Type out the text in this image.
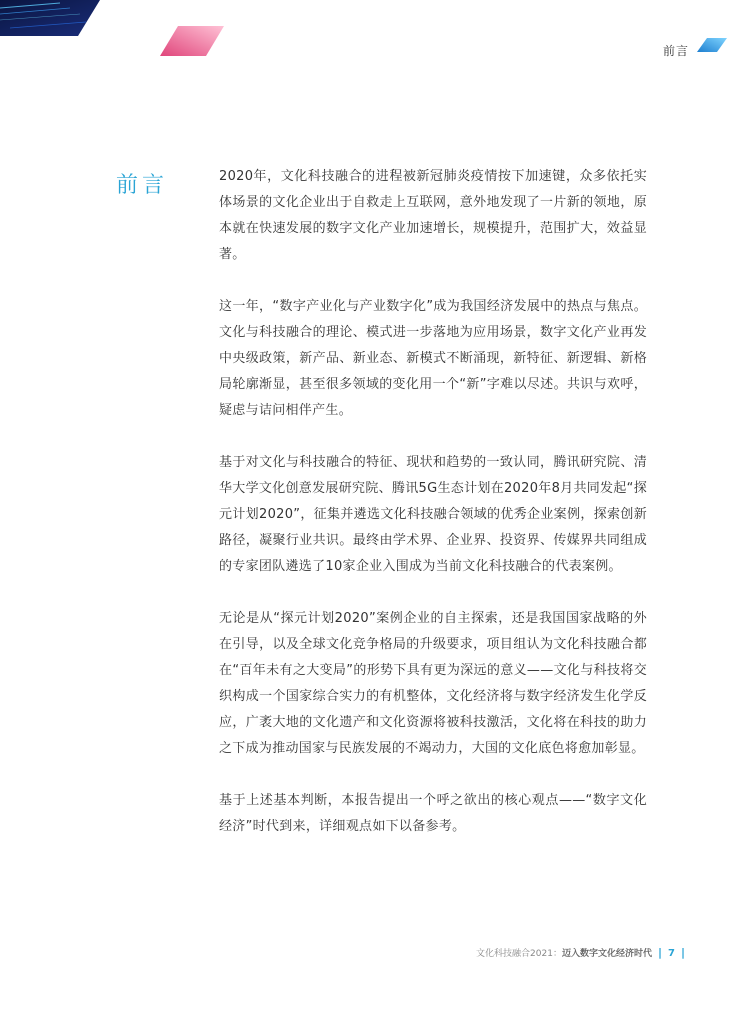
前言
前言	2020年，文化科技融合的进程被新冠肺炎疫情按下加速键，众多依托实体场景的文化企业出于自救走上互联网，意外地发现了一片新的领地，原本就在快速发展的数字文化产业加速增长，规模提升，范围扩大，效益显著。

这一年，“数字产业化与产业数字化”成为我国经济发展中的热点与焦点。文化与科技融合的理论、模式进一步落地为应用场景，数字文化产业再发中央级政策，新产品、新业态、新模式不断涌现，新特征、新逻辑、新格局轮廓渐显，甚至很多领域的变化用一个“新”字难以尽述。共识与欢呼，疑虑与诘问相伴产生。

基于对文化与科技融合的特征、现状和趋势的一致认同，腾讯研究院、清华大学文化创意发展研究院、腾讯5G生态计划在2020年8月共同发起“探元计划2020”，征集并遴选文化科技融合领域的优秀企业案例，探索创新路径，凝聚行业共识。最终由学术界、企业界、投资界、传媒界共同组成的专家团队遴选了10家企业入围成为当前文化科技融合的代表案例。

无论是从“探元计划2020”案例企业的自主探索，还是我国国家战略的外在引导，以及全球文化竞争格局的升级要求，项目组认为文化科技融合都在“百年未有之大变局”的形势下具有更为深远的意义——文化与科技将交织构成一个国家综合实力的有机整体，文化经济将与数字经济发生化学反应，广袤大地的文化遗产和文化资源将被科技激活，文化将在科技的助力之下成为推动国家与民族发展的不竭动力，大国的文化底色将愈加彰显。

基于上述基本判断，本报告提出一个呼之欲出的核心观点——“数字文化经济”时代到来，详细观点如下以备参考。

文化科技融合2021：迈入数字文化经济时代 | 7 |
